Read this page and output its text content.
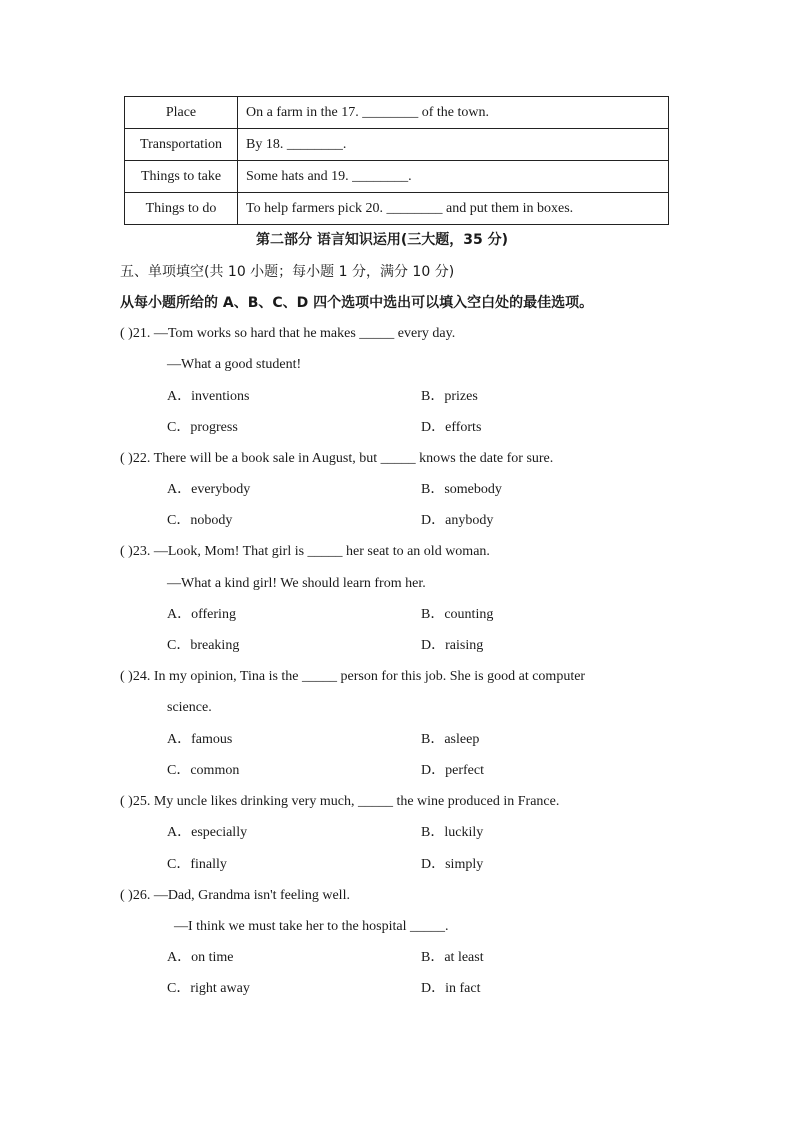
Place	On a farm in the 17. ________ of the town.
Transportation	By 18. ________.
Things to take	Some hats and 19. ________.
Things to do	To help farmers pick 20. ________ and put them in boxes.
第二部分 语言知识运用(三大题，35 分)
五、单项填空(共 10 小题；每小题 1 分，满分 10 分)
从每小题所给的 A、B、C、D 四个选项中选出可以填入空白处的最佳选项。
( )21. —Tom works so hard that he makes _____ every day.
—What a good student!
A．inventions	B．prizes
C．progress	D．efforts
( )22. There will be a book sale in August, but _____ knows the date for sure.
A．everybody	B．somebody
C．nobody	D．anybody
( )23. —Look, Mom! That girl is _____ her seat to an old woman.
—What a kind girl! We should learn from her.
A．offering	B．counting
C．breaking	D．raising
( )24. In my opinion, Tina is the _____ person for this job. She is good at computer
science.
A．famous	B．asleep
C．common	D．perfect
( )25. My uncle likes drinking very much, _____ the wine produced in France.
A．especially	B．luckily
C．finally	D．simply
( )26. —Dad, Grandma isn't feeling well.
—I think we must take her to the hospital _____.
A．on time	B．at least
C．right away	D．in fact
